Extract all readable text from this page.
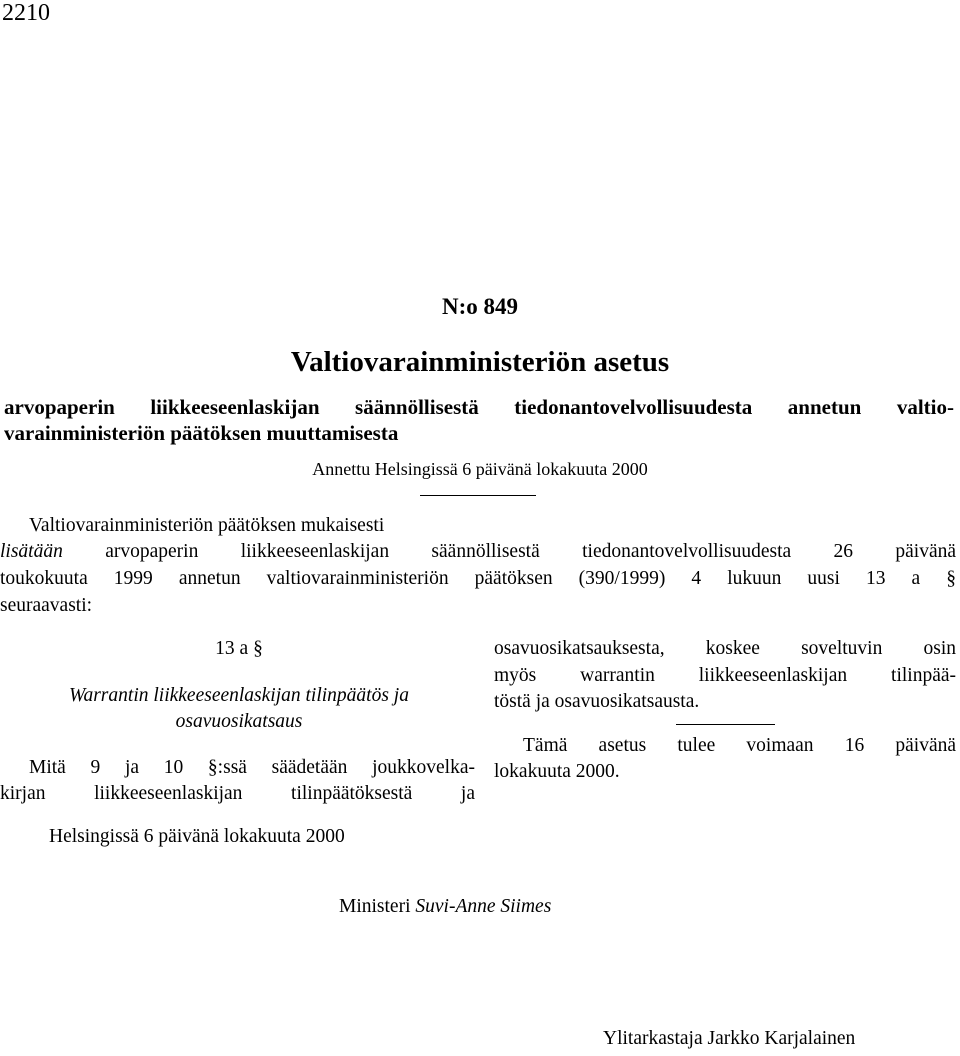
2210
N:o 849
Valtiovarainministeriön asetus
arvopaperin liikkeeseenlaskijan säännöllisestä tiedonantovelvollisuudesta annetun valtio-
varainministeriön päätöksen muuttamisesta
Annettu Helsingissä 6 päivänä lokakuuta 2000
Valtiovarainministeriön päätöksen mukaisesti
lisätään arvopaperin liikkeeseenlaskijan säännöllisestä tiedonantovelvollisuudesta 26 päivänä
toukokuuta 1999 annetun valtiovarainministeriön päätöksen (390/1999) 4 lukuun uusi 13 a §
seuraavasti:
13 a §
Warrantin liikkeeseenlaskijan tilinpäätös ja
osavuosikatsaus
Mitä 9 ja 10 §:ssä säädetään joukkovelka-
kirjan liikkeeseenlaskijan tilinpäätöksestä ja
osavuosikatsauksesta, koskee soveltuvin osin
myös warrantin liikkeeseenlaskijan tilinpää-
töstä ja osavuosikatsausta.
Tämä asetus tulee voimaan 16 päivänä
lokakuuta 2000.
Helsingissä 6 päivänä lokakuuta 2000
Ministeri Suvi-Anne Siimes
Ylitarkastaja Jarkko Karjalainen
